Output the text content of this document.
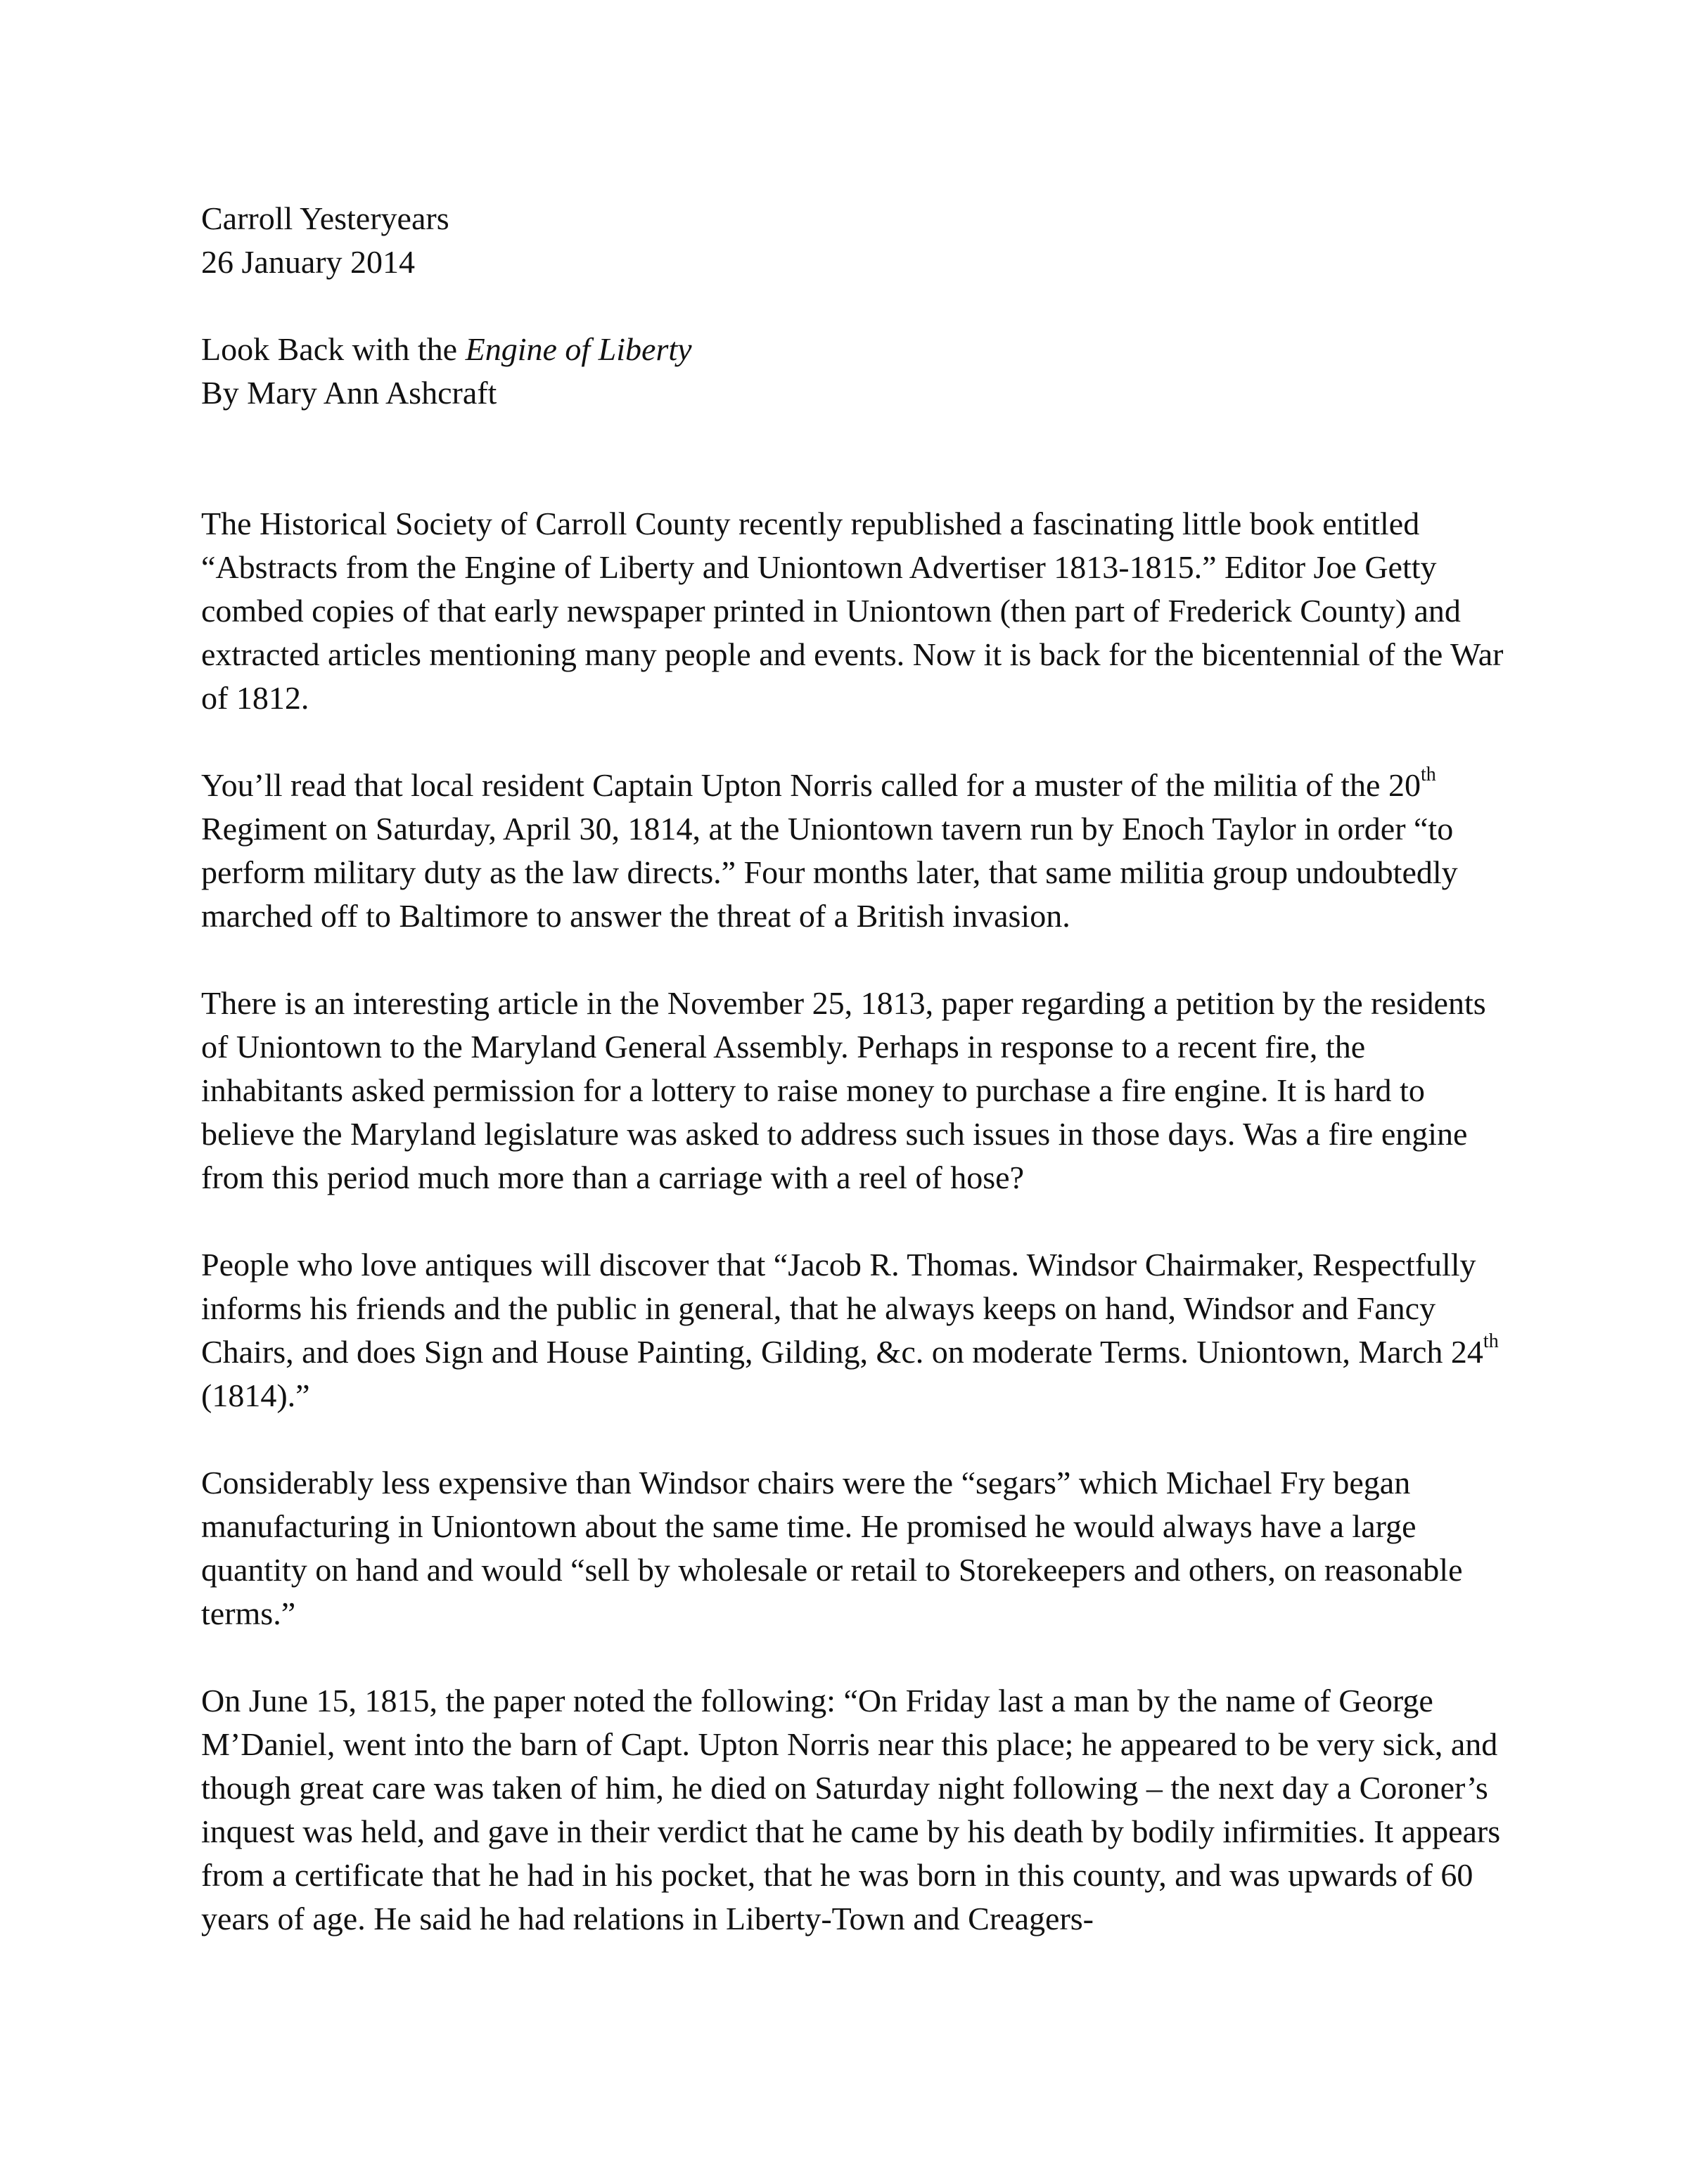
Carroll Yesteryears
26 January 2014
Look Back with the Engine of Liberty
By Mary Ann Ashcraft

The Historical Society of Carroll County recently republished a fascinating little book entitled “Abstracts from the Engine of Liberty and Uniontown Advertiser 1813-1815.” Editor Joe Getty combed copies of that early newspaper printed in Uniontown (then part of Frederick County) and extracted articles mentioning many people and events. Now it is back for the bicentennial of the War of 1812.

You’ll read that local resident Captain Upton Norris called for a muster of the militia of the 20th Regiment on Saturday, April 30, 1814, at the Uniontown tavern run by Enoch Taylor in order “to perform military duty as the law directs.” Four months later, that same militia group undoubtedly marched off to Baltimore to answer the threat of a British invasion.

There is an interesting article in the November 25, 1813, paper regarding a petition by the residents of Uniontown to the Maryland General Assembly. Perhaps in response to a recent fire, the inhabitants asked permission for a lottery to raise money to purchase a fire engine. It is hard to believe the Maryland legislature was asked to address such issues in those days. Was a fire engine from this period much more than a carriage with a reel of hose?

People who love antiques will discover that “Jacob R. Thomas. Windsor Chairmaker, Respectfully informs his friends and the public in general, that he always keeps on hand, Windsor and Fancy Chairs, and does Sign and House Painting, Gilding, &c. on moderate Terms. Uniontown, March 24th (1814).”

Considerably less expensive than Windsor chairs were the “segars” which Michael Fry began manufacturing in Uniontown about the same time. He promised he would always have a large quantity on hand and would “sell by wholesale or retail to Storekeepers and others, on reasonable terms.”

On June 15, 1815, the paper noted the following: “On Friday last a man by the name of George M’Daniel, went into the barn of Capt. Upton Norris near this place; he appeared to be very sick, and though great care was taken of him, he died on Saturday night following – the next day a Coroner’s inquest was held, and gave in their verdict that he came by his death by bodily infirmities. It appears from a certificate that he had in his pocket, that he was born in this county, and was upwards of 60 years of age. He said he had relations in Liberty-Town and Creagers-
